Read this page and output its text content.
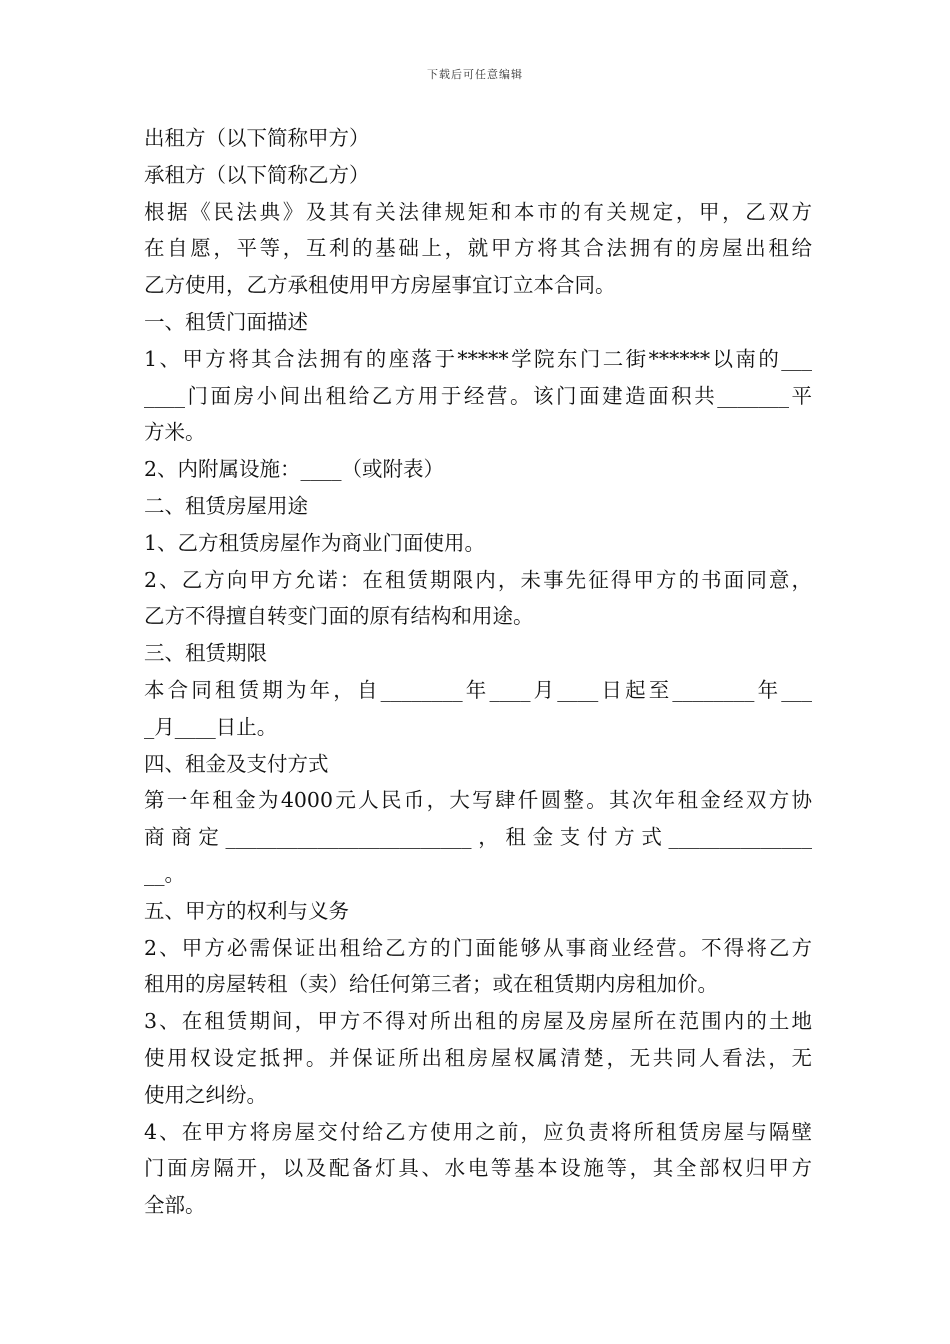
下载后可任意编辑
出租方（以下简称甲方）
承租方（以下简称乙方）
根据《民法典》及其有关法律规矩和本市的有关规定，甲，乙双方
在自愿，平等，互利的基础上，就甲方将其合法拥有的房屋出租给
乙方使用，乙方承租使用甲方房屋事宜订立本合同。
一、租赁门面描述
1、甲方将其合法拥有的座落于*****学院东门二街******以南的___
____门面房小间出租给乙方用于经营。该门面建造面积共_______平
方米。
2、内附属设施：____（或附表）
二、租赁房屋用途
1、乙方租赁房屋作为商业门面使用。
2、乙方向甲方允诺：在租赁期限内，未事先征得甲方的书面同意，
乙方不得擅自转变门面的原有结构和用途。
三、租赁期限
本合同租赁期为年，自________年____月____日起至________年___
_月____日止。
四、租金及支付方式
第一年租金为4000元人民币，大写肆仟圆整。其次年租金经双方协
商商定________________________，租金支付方式______________
__。
五、甲方的权利与义务
2、甲方必需保证出租给乙方的门面能够从事商业经营。不得将乙方
租用的房屋转租（卖）给任何第三者；或在租赁期内房租加价。
3、在租赁期间，甲方不得对所出租的房屋及房屋所在范围内的土地
使用权设定抵押。并保证所出租房屋权属清楚，无共同人看法，无
使用之纠纷。
4、在甲方将房屋交付给乙方使用之前，应负责将所租赁房屋与隔壁
门面房隔开，以及配备灯具、水电等基本设施等，其全部权归甲方
全部。
